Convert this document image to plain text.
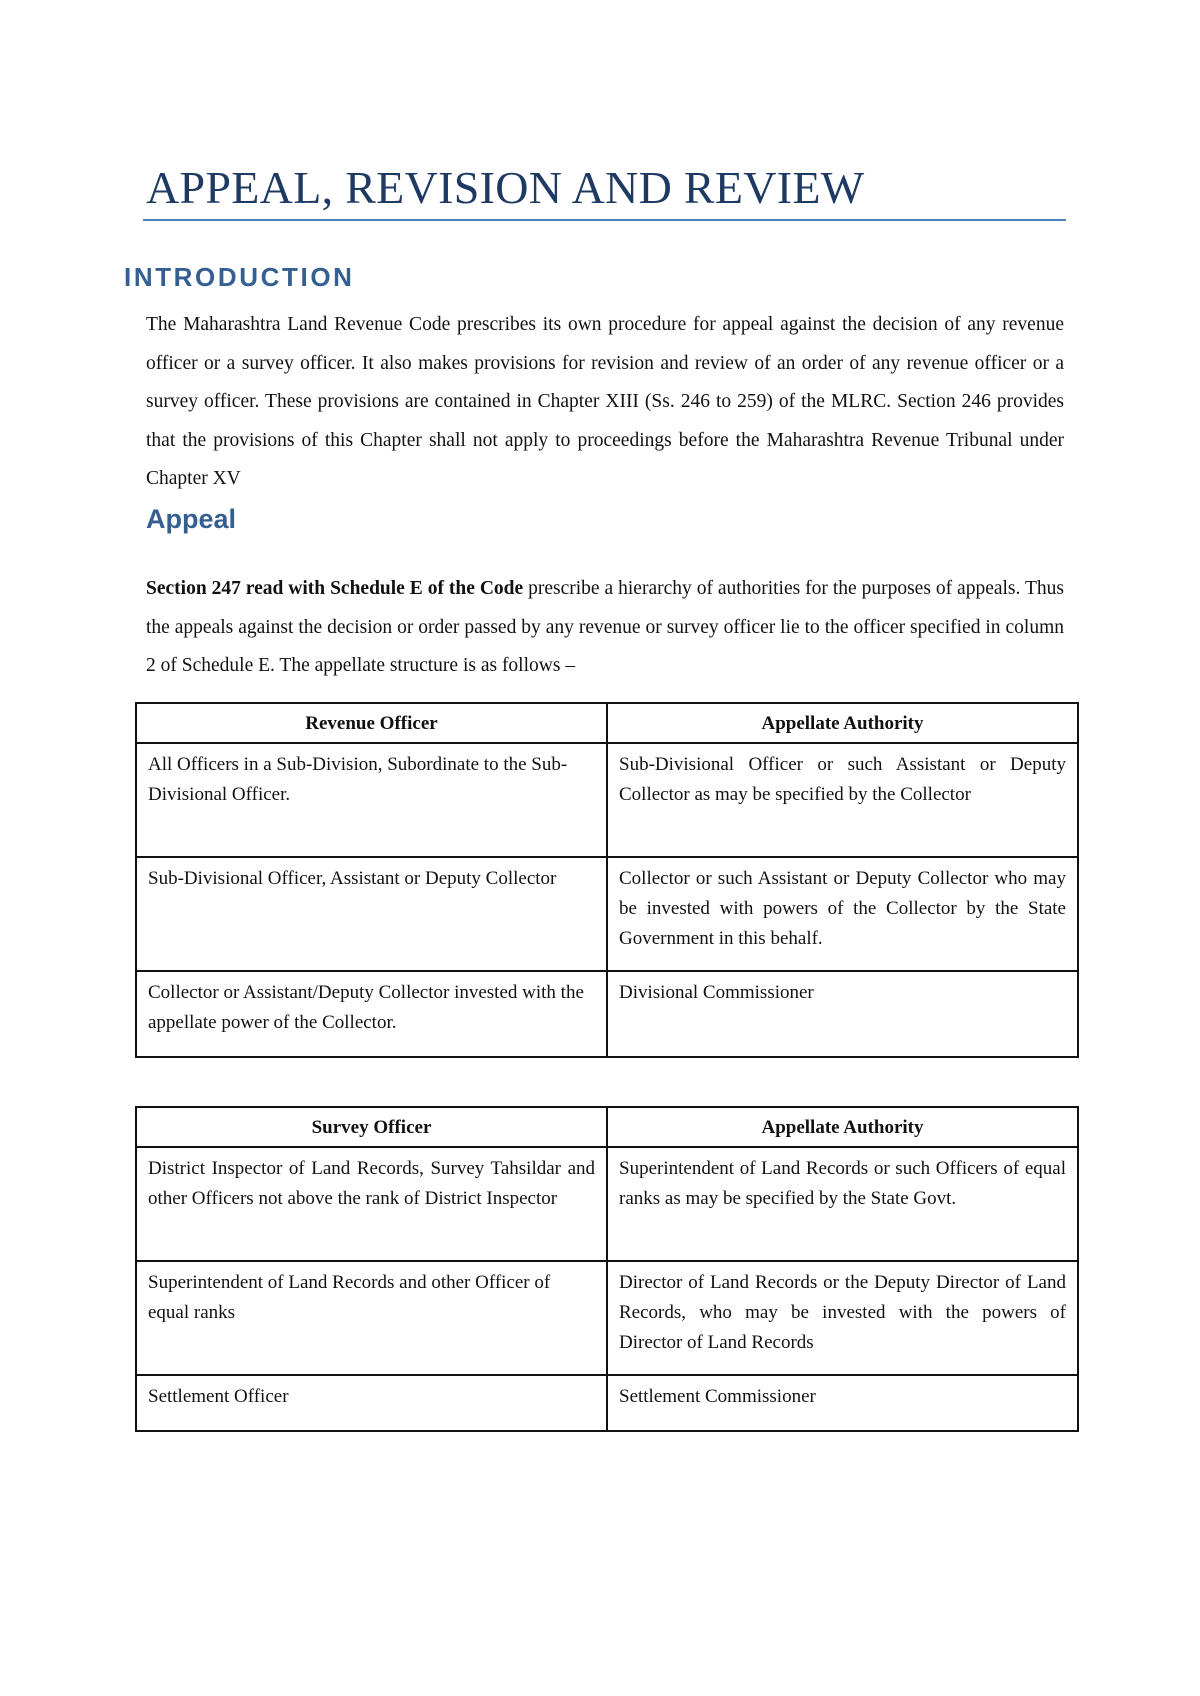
APPEAL, REVISION AND REVIEW
INTRODUCTION

The Maharashtra Land Revenue Code prescribes its own procedure for appeal against the decision of any revenue officer or a survey officer. It also makes provisions for revision and review of an order of any revenue officer or a survey officer. These provisions are contained in Chapter XIII (Ss. 246 to 259) of the MLRC. Section 246 provides that the provisions of this Chapter shall not apply to proceedings before the Maharashtra Revenue Tribunal under Chapter XV

Appeal

Section 247 read with Schedule E of the Code prescribe a hierarchy of authorities for the purposes of appeals. Thus the appeals against the decision or order passed by any revenue or survey officer lie to the officer specified in column 2 of Schedule E. The appellate structure is as follows –

Revenue Officer	Appellate Authority
All Officers in a Sub-Division, Subordinate to the Sub-Divisional Officer.	Sub-Divisional Officer or such Assistant or Deputy Collector as may be specified by the Collector
Sub-Divisional Officer, Assistant or Deputy Collector	Collector or such Assistant or Deputy Collector who may be invested with powers of the Collector by the State Government in this behalf.
Collector or Assistant/Deputy Collector invested with the appellate power of the Collector.	Divisional Commissioner
Survey Officer	Appellate Authority
District Inspector of Land Records, Survey Tahsildar and other Officers not above the rank of District Inspector	Superintendent of Land Records or such Officers of equal ranks as may be specified by the State Govt.
Superintendent of Land Records and other Officer of equal ranks	Director of Land Records or the Deputy Director of Land Records, who may be invested with the powers of Director of Land Records
Settlement Officer	Settlement Commissioner
